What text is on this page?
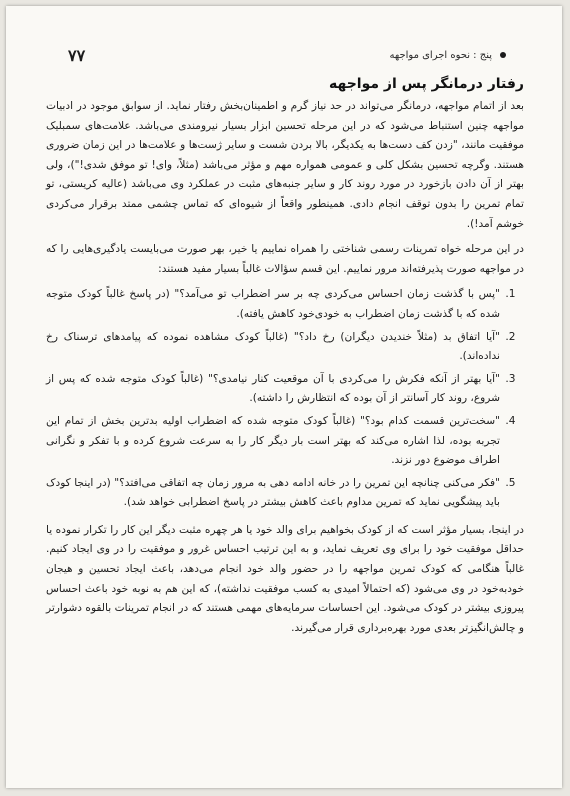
۷۷	پنج : نحوه اجرای مواجهه
رفتار درمانگر پس از مواجهه

بعد از اتمام مواجهه، درمانگر می‌تواند در حد نیاز گرم و اطمینان‌بخش رفتار نماید. از سوابق موجود در ادبیات مواجهه چنین استنباط می‌شود که در این مرحله تحسین ابزار بسیار نیرومندی می‌باشد. علامت‌های سمبلیک موفقیت مانند، "زدن کف دست‌ها به یکدیگر، بالا بردن شست و سایر ژست‌ها و علامت‌ها در این زمان ضروری هستند. وگرچه تحسین بشکل کلی و عمومی همواره مهم و مؤثر می‌باشد (مثلاً، وای! تو موفق شدی!")، ولی بهتر از آن دادن بازخورد در مورد روند کار و سایر جنبه‌های مثبت در عملکرد وی می‌باشد (عالیه کریستی، تو تمام تمرین را بدون توقف انجام دادی. همینطور واقعاً از شیوه‌ای که تماس چشمی ممتد برقرار می‌کردی خوشم آمد!).

در این مرحله خواه تمرینات رسمی شناختی را همراه نماییم یا خیر، بهر صورت می‌بایست یادگیری‌هایی را که در مواجهه صورت پذیرفته‌اند مرور نماییم. این قسم سؤالات غالباً بسیار مفید هستند:

1. "پس با گذشت زمان احساس می‌کردی چه بر سر اضطراب تو می‌آمد؟" (در پاسخ غالباً کودک متوجه شده که با گذشت زمان اضطراب به خودی‌خود کاهش یافته).
2. "آیا اتفاق بد (مثلاً خندیدن دیگران) رخ داد؟" (غالباً کودک مشاهده نموده که پیامدهای ترسناک رخ نداده‌اند).
3. "آیا بهتر از آنکه فکرش را می‌کردی با آن موقعیت کنار نیامدی؟" (غالباً کودک متوجه شده که پس از شروع، روند کار آسانتر از آن بوده که انتظارش را داشته).
4. "سخت‌ترین قسمت کدام بود؟" (غالباً کودک متوجه شده که اضطراب اولیه بدترین بخش از تمام این تجربه بوده، لذا اشاره می‌کند که بهتر است بار دیگر کار را به سرعت شروع کرده و با تفکر و نگرانی اطراف موضوع دور نزند.
5. "فکر می‌کنی چنانچه این تمرین را در خانه ادامه دهی به مرور زمان چه اتفاقی می‌افتد؟" (در اینجا کودک باید پیشگویی نماید که تمرین مداوم باعث کاهش بیشتر در پاسخ اضطرابی خواهد شد).

در اینجا، بسیار مؤثر است که از کودک بخواهیم برای والد خود یا هر چهره مثبت دیگر این کار را تکرار نموده یا حداقل موفقیت خود را برای وی تعریف نماید، و به این ترتیب احساس غرور و موفقیت را در وی ایجاد کنیم. غالباً هنگامی که کودک تمرین مواجهه را در حضور والد خود انجام می‌دهد، باعث ایجاد تحسین و هیجان خودبه‌خود در وی می‌شود (که احتمالاً امیدی به کسب موفقیت نداشته)، که این هم به نوبه خود باعث احساس پیروزی بیشتر در کودک می‌شود. این احساسات سرمایه‌های مهمی هستند که در انجام تمرینات بالقوه دشوارتر و چالش‌انگیزتر بعدی مورد بهره‌برداری قرار می‌گیرند.
